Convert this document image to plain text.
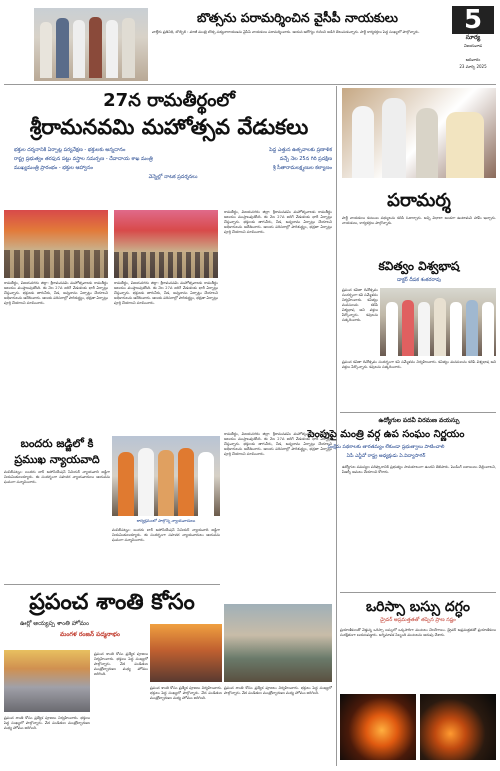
బొత్సను పరామర్శించిన వైసీపీ నాయకులు
వాల్తేరు ప్రతినిధి, బొబ్బిలి : మాజీ మంత్రి బొత్స సత్యనారాయణను వైసీపీ నాయకులు పరామర్శించారు. ఆయన ఆరోగ్యం గురించి అడిగి తెలుసుకున్నారు. పార్టీ కార్యకర్తలు పెద్ద సంఖ్యలో పాల్గొన్నారు.	5
సూర్య
విజయవాడ
ఆదివారం
23 మార్చి 2025
27న రామతీర్థంలో
శ్రీరామనవమి మహోత్సవ వేడుకలు
భక్తుల దర్శనానికి ఏర్పాట్ల పర్యవేక్షణ - భక్తులకు అన్నదానం	పెద్ద ఎత్తున ఉత్సవాలకు ప్రణాళిక
రాష్ట్ర ప్రభుత్వం తరఫున పట్టు వస్త్రాల సమర్పణ - దేవాదాయ శాఖ మంత్రి	వచ్చే నెల 25న గిరి ప్రదక్షిణ
ముఖ్యమంత్రి ప్రారంభం - భక్తుల ఆహ్వానం	శ్రీ సీతారామలక్ష్మణుల కల్యాణం
వెన్నెల్లో నాటక ప్రదర్శనలు
రామతీర్థం, విజయనగరం జిల్లా: శ్రీరామనవమి మహోత్సవాలకు రామతీర్థం ఆలయం ముస్తాబవుతోంది. ఈ నెల 27న జరిగే వేడుకలకు భారీ ఏర్పాట్లు చేస్తున్నారు. భక్తులకు తాగునీరు, నీడ, అన్నదానం ఏర్పాట్లు చేయాలని అధికారులను ఆదేశించారు. ఆలయ పరిసరాల్లో పారిశుద్ధ్యం, భద్రతా ఏర్పాట్లు పూర్తి చేయాలని సూచించారు.
రామతీర్థం, విజయనగరం జిల్లా: శ్రీరామనవమి మహోత్సవాలకు రామతీర్థం ఆలయం ముస్తాబవుతోంది. ఈ నెల 27న జరిగే వేడుకలకు భారీ ఏర్పాట్లు చేస్తున్నారు. భక్తులకు తాగునీరు, నీడ, అన్నదానం ఏర్పాట్లు చేయాలని అధికారులను ఆదేశించారు. ఆలయ పరిసరాల్లో పారిశుద్ధ్యం, భద్రతా ఏర్పాట్లు పూర్తి చేయాలని సూచించారు.
రామతీర్థం, విజయనగరం జిల్లా: శ్రీరామనవమి మహోత్సవాలకు రామతీర్థం ఆలయం ముస్తాబవుతోంది. ఈ నెల 27న జరిగే వేడుకలకు భారీ ఏర్పాట్లు చేస్తున్నారు. భక్తులకు తాగునీరు, నీడ, అన్నదానం ఏర్పాట్లు చేయాలని అధికారులను ఆదేశించారు. ఆలయ పరిసరాల్లో పారిశుద్ధ్యం, భద్రతా ఏర్పాట్లు పూర్తి చేయాలని సూచించారు.
పరామర్శ
పార్టీ నాయకులు కుటుంబ సభ్యులను కలిసి ఓదార్చారు. అన్ని విధాలా అండగా ఉంటామని హామీ ఇచ్చారు. నాయకులు, కార్యకర్తలు పాల్గొన్నారు.
కవిత్వం విశ్వభాష
డాక్టర్ దీపక శంకరరావు
ప్రపంచ కవితా దినోత్సవం సందర్భంగా కవి సమ్మేళనం నిర్వహించారు. కవిత్వం మనసులను కలిపే విశ్వభాష అని వక్తలు పేర్కొన్నారు. కవులను సత్కరించారు.
ప్రపంచ కవితా దినోత్సవం సందర్భంగా కవి సమ్మేళనం నిర్వహించారు. కవిత్వం మనసులను కలిపే విశ్వభాష అని వక్తలు పేర్కొన్నారు. కవులను సత్కరించారు.
రామతీర్థం, విజయనగరం జిల్లా: శ్రీరామనవమి మహోత్సవాలకు రామతీర్థం ఆలయం ముస్తాబవుతోంది. ఈ నెల 27న జరిగే వేడుకలకు భారీ ఏర్పాట్లు చేస్తున్నారు. భక్తులకు తాగునీరు, నీడ, అన్నదానం ఏర్పాట్లు చేయాలని అధికారులను ఆదేశించారు. ఆలయ పరిసరాల్లో పారిశుద్ధ్యం, భద్రతా ఏర్పాట్లు పూర్తి చేయాలని సూచించారు.
ఉద్యోగుల పదవీ విరమణ వయస్సు
పెంపుపై మంత్రి వర్గ ఉప సంఘం నిర్ణయం
సంక్షేమ పథకాలకు తారతమ్యం లేకుండా ప్రభుత్వాలు పాటించాలి
ఏపీ ఎన్జీవో రాష్ట్ర అధ్యక్షుడు ఏ.విద్యాసాగర్
ఉద్యోగుల సమస్యల పరిష్కారానికి ప్రభుత్వం సానుకూలంగా ఉందని తెలిపారు. పెండింగ్ బకాయిలు చెల్లించాలని, పీఆర్సీ అమలు చేయాలని కోరారు.
ఒరిస్సా బస్సు దగ్ధం
డ్రైవర్ అప్రమత్తతతో తప్పిన ప్రాణ నష్టం
ప్రయాణికులతో వెళ్తున్న ఒరిస్సా బస్సులో ఒక్కసారిగా మంటలు చెలరేగాయి. డ్రైవర్ అప్రమత్తతతో ప్రయాణికులు సురక్షితంగా బయటపడ్డారు. అగ్నిమాపక సిబ్బంది మంటలను అదుపు చేశారు.
బందరు జడ్జిలో కి
ప్రముఖ న్యాయవాది
మచిలీపట్నం: బందరు బార్ అసోసియేషన్ సీనియర్ న్యాయవాది జడ్జిగా నియమితులయ్యారు. ఈ సందర్భంగా సహచర న్యాయవాదులు ఆయనను ఘనంగా సన్మానించారు.
కార్యక్రమంలో పాల్గొన్న న్యాయవాదులు
మచిలీపట్నం: బందరు బార్ అసోసియేషన్ సీనియర్ న్యాయవాది జడ్జిగా నియమితులయ్యారు. ఈ సందర్భంగా సహచర న్యాయవాదులు ఆయనను ఘనంగా సన్మానించారు.
ప్రపంచ శాంతి కోసం
ఊర్లో అయ్యప్ప శాంతి హోమం
మంగళ రంజన్ పద్మనాభం
ప్రపంచ శాంతి కోసం ప్రత్యేక పూజలు నిర్వహించారు. భక్తులు పెద్ద సంఖ్యలో పాల్గొన్నారు. వేద పండితుల మంత్రోచ్ఛారణల మధ్య హోమం జరిగింది.
ప్రపంచ శాంతి కోసం ప్రత్యేక పూజలు నిర్వహించారు. భక్తులు పెద్ద సంఖ్యలో పాల్గొన్నారు. వేద పండితుల మంత్రోచ్ఛారణల మధ్య హోమం జరిగింది.
ప్రపంచ శాంతి కోసం ప్రత్యేక పూజలు నిర్వహించారు. భక్తులు పెద్ద సంఖ్యలో పాల్గొన్నారు. వేద పండితుల మంత్రోచ్ఛారణల మధ్య హోమం జరిగింది.
ప్రపంచ శాంతి కోసం ప్రత్యేక పూజలు నిర్వహించారు. భక్తులు పెద్ద సంఖ్యలో పాల్గొన్నారు. వేద పండితుల మంత్రోచ్ఛారణల మధ్య హోమం జరిగింది.
